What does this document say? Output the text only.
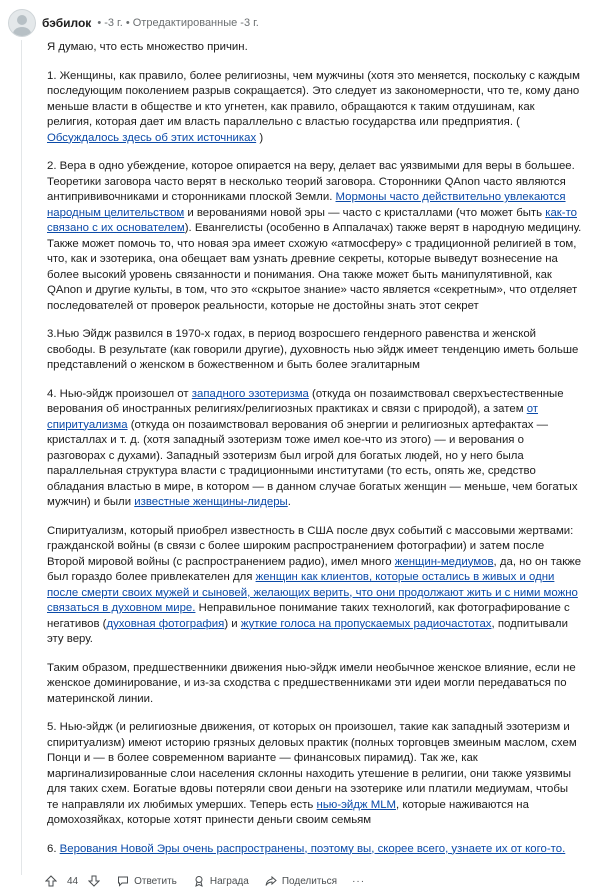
бэбилок • -3 г. • Отредактированные -3 г.

Я думаю, что есть множество причин.

1. Женщины, как правило, более религиозны, чем мужчины (хотя это меняется, поскольку с каждым последующим поколением разрыв сокращается). Это следует из закономерности, что те, кому дано меньше власти в обществе и кто угнетен, как правило, обращаются к таким отдушинам, как религия, которая дает им власть параллельно с властью государства или предприятия. ( Обсуждалось здесь об этих источниках )

2. Вера в одно убеждение, которое опирается на веру, делает вас уязвимыми для веры в большее. Теоретики заговора часто верят в несколько теорий заговора. Сторонники QAnon часто являются антипрививочниками и сторонниками плоской Земли. Мормоны часто действительно увлекаются народным целительством и верованиями новой эры — часто с кристаллами (что может быть как-то связано с их основателем). Евангелисты (особенно в Аппалачах) также верят в народную медицину. Также может помочь то, что новая эра имеет схожую «атмосферу» с традиционной религией в том, что, как и эзотерика, она обещает вам узнать древние секреты, которые выведут вознесение на более высокий уровень связанности и понимания. Она также может быть манипулятивной, как QAnon и другие культы, в том, что это «скрытое знание» часто является «секретным», что отделяет последователей от проверок реальности, которые не достойны знать этот секрет

3.Нью Эйдж развился в 1970-х годах, в период возросшего гендерного равенства и женской свободы. В результате (как говорили другие), духовность нью эйдж имеет тенденцию иметь больше представлений о женском в божественном и быть более эгалитарным

4. Нью-эйдж произошел от западного эзотеризма (откуда он позаимствовал сверхъестественные верования об иностранных религиях/религиозных практиках и связи с природой), а затем от спиритуализма (откуда он позаимствовал верования об энергии и религиозных артефактах — кристаллах и т. д. (хотя западный эзотеризм тоже имел кое-что из этого) — и верования о разговорах с духами). Западный эзотеризм был игрой для богатых людей, но у него была параллельная структура власти с традиционными институтами (то есть, опять же, средство обладания властью в мире, в котором — в данном случае богатых женщин — меньше, чем богатых мужчин) и были известные женщины-лидеры.

Спиритуализм, который приобрел известность в США после двух событий с массовыми жертвами: гражданской войны (в связи с более широким распространением фотографии) и затем после Второй мировой войны (с распространением радио), имел много женщин-медиумов, да, но он также был гораздо более привлекателен для женщин как клиентов, которые остались в живых и одни после смерти своих мужей и сыновей, желающих верить, что они продолжают жить и с ними можно связаться в духовном мире. Неправильное понимание таких технологий, как фотографирование с негативов (духовная фотография) и жуткие голоса на пропускаемых радиочастотах, подпитывали эту веру.

Таким образом, предшественники движения нью-эйдж имели необычное женское влияние, если не женское доминирование, и из-за сходства с предшественниками эти идеи могли передаваться по материнской линии.

5. Нью-эйдж (и религиозные движения, от которых он произошел, такие как западный эзотеризм и спиритуализм) имеют историю грязных деловых практик (полных торговцев змеиным маслом, схем Понци и — в более современном варианте — финансовых пирамид). Так же, как маргинализированные слои населения склонны находить утешение в религии, они также уязвимы для таких схем. Богатые вдовы потеряли свои деньги на эзотерике или платили медиумам, чтобы те направляли их любимых умерших. Теперь есть нью-эйдж MLM, которые наживаются на домохозяйках, которые хотят принести деньги своим семьям

6. Верования Новой Эры очень распространены, поэтому вы, скорее всего, узнаете их от кого-то.

44	Ответить	Награда	Поделиться ···
